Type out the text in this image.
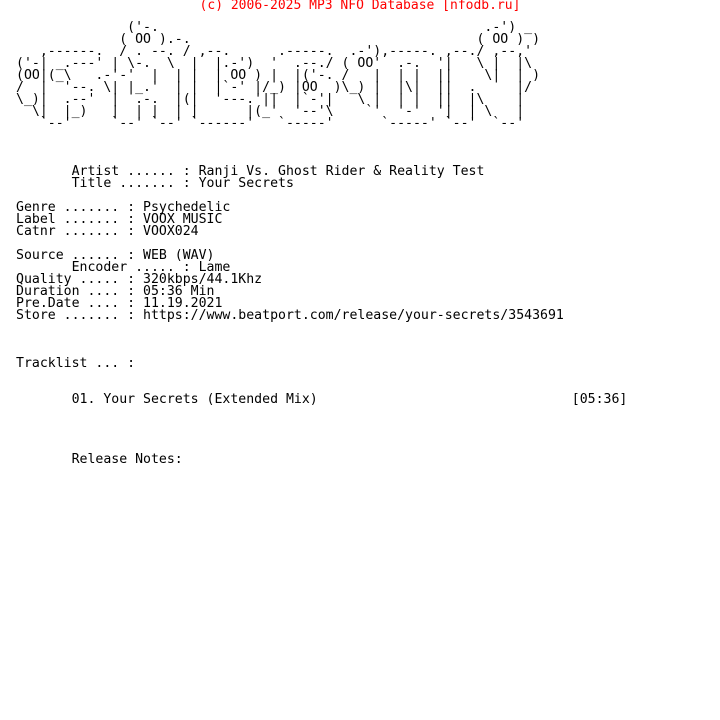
(c) 2006-2025 MP3 NFO Database [nfodb.ru]
('-.                                         .-') _
( OO ).-.                                    ( OO ) )
,------.  / . --. / ,--.      .-----.  .-'),-----. ,--./ ,--,'
('-| _.---' | \-.  \  |  |.-')  '  .--./ ( OO'  .-.  '|   \ |  |\
(OO|(_\   .-'-'  |  | |  | OO ) |  |('-. /   |  | |  ||    \|  | )
/  |  '--. \| |_.'  | |  |`-' |/_) |OO  )\_) |  |\|  ||  .     |/
\_)|  .--'  |  .-.  |(|  '---.'||  |`-'|   \ |  | |  ||  |\    |
\|  |_)   |  | |  | |      |(_'  '--'\    `'  '-'  '|  | \   |
`--'     `--' `--' `------'   `-----'      `-----' `--'  `--'
Artist ...... : Ranji Vs. Ghost Rider & Reality Test
Title ....... : Your Secrets
Genre ....... : Psychedelic
Label ....... : VOOX MUSIC
Catnr ....... : VOOX024
Source ...... : WEB (WAV)
Encoder ..... : Lame
Quality ..... : 320kbps/44.1Khz
Duration .... : 05:36 Min
Pre.Date .... : 11.19.2021
Store ....... : https://www.beatport.com/release/your-secrets/3543691
Tracklist ... :
01. Your Secrets (Extended Mix)                                [05:36]
Release Notes:
